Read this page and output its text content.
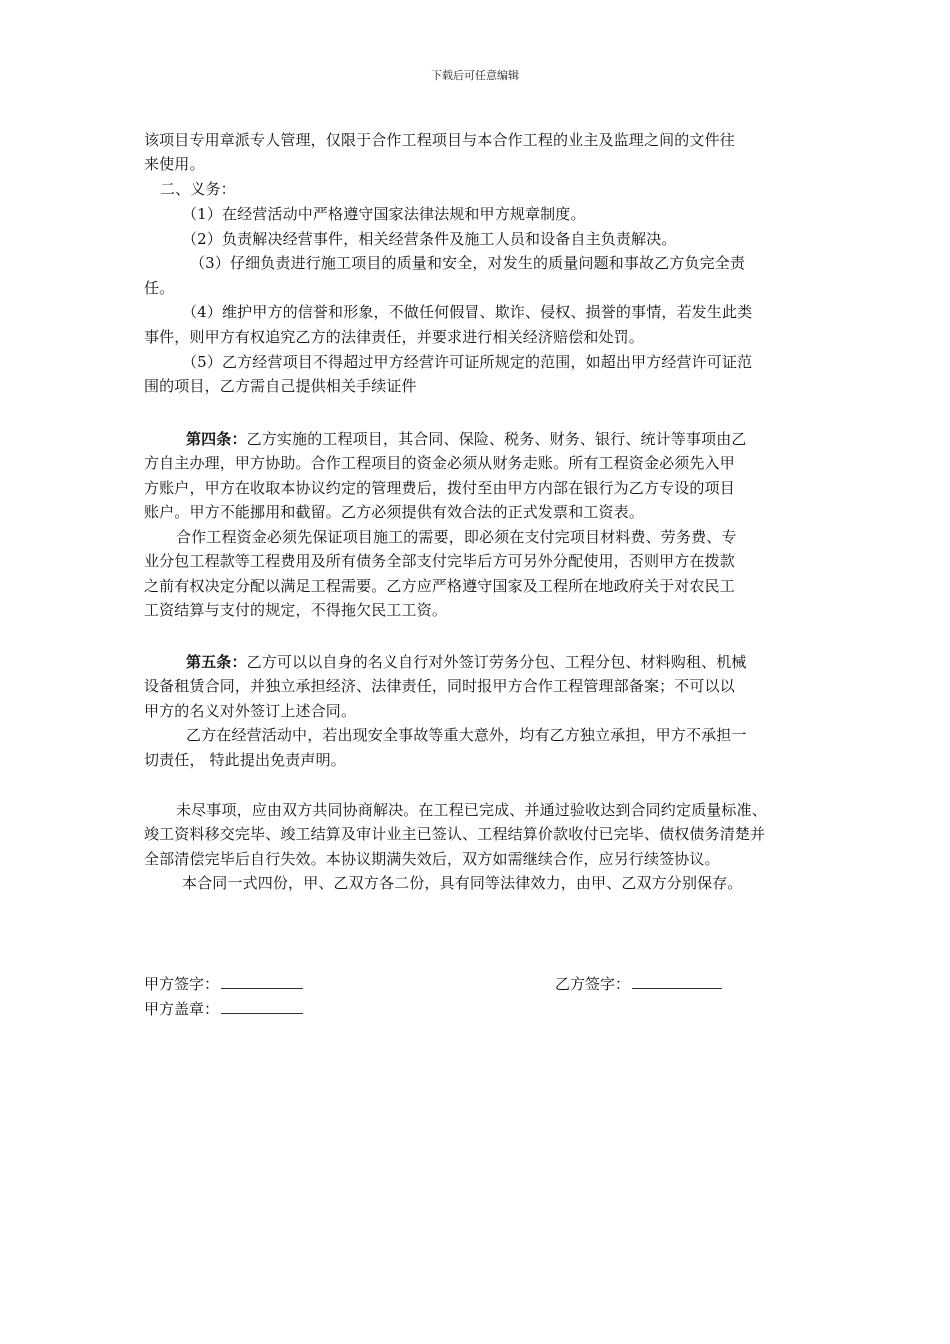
下载后可任意编辑
该项目专用章派专人管理，仅限于合作工程项目与本合作工程的业主及监理之间的文件往
来使用。
二、义务：
（1）在经营活动中严格遵守国家法律法规和甲方规章制度。
（2）负责解决经营事件，相关经营条件及施工人员和设备自主负责解决。
（3）仔细负责进行施工项目的质量和安全，对发生的质量问题和事故乙方负完全责
任。
（4）维护甲方的信誉和形象，不做任何假冒、欺诈、侵权、损誉的事情，若发生此类
事件，则甲方有权追究乙方的法律责任，并要求进行相关经济赔偿和处罚。
（5）乙方经营项目不得超过甲方经营许可证所规定的范围，如超出甲方经营许可证范
围的项目，乙方需自己提供相关手续证件
第四条：乙方实施的工程项目，其合同、保险、税务、财务、银行、统计等事项由乙
方自主办理，甲方协助。合作工程项目的资金必须从财务走账。所有工程资金必须先入甲
方账户，甲方在收取本协议约定的管理费后，拨付至由甲方内部在银行为乙方专设的项目
账户。甲方不能挪用和截留。乙方必须提供有效合法的正式发票和工资表。
合作工程资金必须先保证项目施工的需要，即必须在支付完项目材料费、劳务费、专
业分包工程款等工程费用及所有债务全部支付完毕后方可另外分配使用，否则甲方在拨款
之前有权决定分配以满足工程需要。乙方应严格遵守国家及工程所在地政府关于对农民工
工资结算与支付的规定，不得拖欠民工工资。
第五条：乙方可以以自身的名义自行对外签订劳务分包、工程分包、材料购租、机械
设备租赁合同，并独立承担经济、法律责任，同时报甲方合作工程管理部备案；不可以以
甲方的名义对外签订上述合同。
乙方在经营活动中，若出现安全事故等重大意外，均有乙方独立承担，甲方不承担一
切责任， 特此提出免责声明。
未尽事项，应由双方共同协商解决。在工程已完成、并通过验收达到合同约定质量标准、
竣工资料移交完毕、竣工结算及审计业主已签认、工程结算价款收付已完毕、债权债务清楚并
全部清偿完毕后自行失效。本协议期满失效后，双方如需继续合作，应另行续签协议。
本合同一式四份，甲、乙双方各二份，具有同等法律效力，由甲、乙双方分别保存。
甲方签字：	乙方签字：
甲方盖章：
